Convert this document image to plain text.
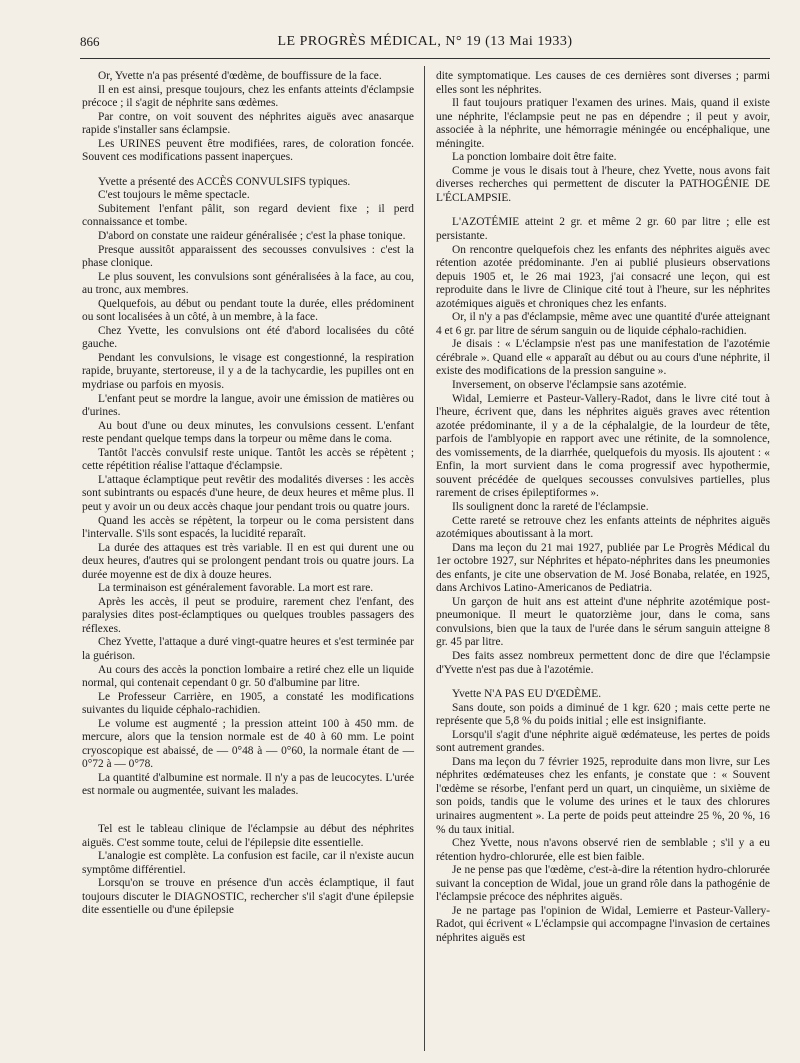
866	LE PROGRÈS MÉDICAL, N° 19 (13 Mai 1933)

Or, Yvette n'a pas présenté d'œdème, de bouffissure de la face.

Il en est ainsi, presque toujours, chez les enfants atteints d'éclampsie précoce ; il s'agit de néphrite sans œdèmes.

Par contre, on voit souvent des néphrites aiguës avec anasarque rapide s'installer sans éclampsie.

Les URINES peuvent être modifiées, rares, de coloration foncée. Souvent ces modifications passent inaperçues.

Yvette a présenté des ACCÈS CONVULSIFS typiques.

C'est toujours le même spectacle.

Subitement l'enfant pâlit, son regard devient fixe ; il perd connaissance et tombe.

D'abord on constate une raideur généralisée ; c'est la phase tonique.

Presque aussitôt apparaissent des secousses convulsives : c'est la phase clonique.

Le plus souvent, les convulsions sont généralisées à la face, au cou, au tronc, aux membres.

Quelquefois, au début ou pendant toute la durée, elles prédominent ou sont localisées à un côté, à un membre, à la face.

Chez Yvette, les convulsions ont été d'abord localisées du côté gauche.

Pendant les convulsions, le visage est congestionné, la respiration rapide, bruyante, stertoreuse, il y a de la tachycardie, les pupilles ont en mydriase ou parfois en myosis.

L'enfant peut se mordre la langue, avoir une émission de matières ou d'urines.

Au bout d'une ou deux minutes, les convulsions cessent. L'enfant reste pendant quelque temps dans la torpeur ou même dans le coma.

Tantôt l'accès convulsif reste unique. Tantôt les accès se répètent ; cette répétition réalise l'attaque d'éclampsie.

L'attaque éclamptique peut revêtir des modalités diverses : les accès sont subintrants ou espacés d'une heure, de deux heures et même plus. Il peut y avoir un ou deux accès chaque jour pendant trois ou quatre jours.

Quand les accès se répètent, la torpeur ou le coma persistent dans l'intervalle. S'ils sont espacés, la lucidité reparaît.

La durée des attaques est très variable. Il en est qui durent une ou deux heures, d'autres qui se prolongent pendant trois ou quatre jours. La durée moyenne est de dix à douze heures.

La terminaison est généralement favorable. La mort est rare.

Après les accès, il peut se produire, rarement chez l'enfant, des paralysies dites post-éclamptiques ou quelques troubles passagers des réflexes.

Chez Yvette, l'attaque a duré vingt-quatre heures et s'est terminée par la guérison.

Au cours des accès la ponction lombaire a retiré chez elle un liquide normal, qui contenait cependant 0 gr. 50 d'albumine par litre.

Le Professeur Carrière, en 1905, a constaté les modifications suivantes du liquide céphalo-rachidien.

Le volume est augmenté ; la pression atteint 100 à 450 mm. de mercure, alors que la tension normale est de 40 à 60 mm. Le point cryoscopique est abaissé, de — 0°48 à — 0°60, la normale étant de — 0°72 à — 0°78.

La quantité d'albumine est normale. Il n'y a pas de leucocytes. L'urée est normale ou augmentée, suivant les malades.

Tel est le tableau clinique de l'éclampsie au début des néphrites aiguës. C'est somme toute, celui de l'épilepsie dite essentielle.

L'analogie est complète. La confusion est facile, car il n'existe aucun symptôme différentiel.

Lorsqu'on se trouve en présence d'un accès éclamptique, il faut toujours discuter le DIAGNOSTIC, rechercher s'il s'agit d'une épilepsie dite essentielle ou d'une épilepsie

dite symptomatique. Les causes de ces dernières sont diverses ; parmi elles sont les néphrites.

Il faut toujours pratiquer l'examen des urines. Mais, quand il existe une néphrite, l'éclampsie peut ne pas en dépendre ; il peut y avoir, associée à la néphrite, une hémorragie méningée ou encéphalique, une méningite.

La ponction lombaire doit être faite.

Comme je vous le disais tout à l'heure, chez Yvette, nous avons fait diverses recherches qui permettent de discuter la PATHOGÉNIE DE L'ÉCLAMPSIE.

L'AZOTÉMIE atteint 2 gr. et même 2 gr. 60 par litre ; elle est persistante.

On rencontre quelquefois chez les enfants des néphrites aiguës avec rétention azotée prédominante. J'en ai publié plusieurs observations depuis 1905 et, le 26 mai 1923, j'ai consacré une leçon, qui est reproduite dans le livre de Clinique cité tout à l'heure, sur les néphrites azotémiques aiguës et chroniques chez les enfants.

Or, il n'y a pas d'éclampsie, même avec une quantité d'urée atteignant 4 et 6 gr. par litre de sérum sanguin ou de liquide céphalo-rachidien.

Je disais : « L'éclampsie n'est pas une manifestation de l'azotémie cérébrale ». Quand elle « apparaît au début ou au cours d'une néphrite, il existe des modifications de la pression sanguine ».

Inversement, on observe l'éclampsie sans azotémie.

Widal, Lemierre et Pasteur-Vallery-Radot, dans le livre cité tout à l'heure, écrivent que, dans les néphrites aiguës graves avec rétention azotée prédominante, il y a de la céphalalgie, de la lourdeur de tête, parfois de l'amblyopie en rapport avec une rétinite, de la somnolence, des vomissements, de la diarrhée, quelquefois du myosis. Ils ajoutent : « Enfin, la mort survient dans le coma progressif avec hypothermie, souvent précédée de quelques secousses convulsives partielles, plus rarement de crises épileptiformes ».

Ils soulignent donc la rareté de l'éclampsie.

Cette rareté se retrouve chez les enfants atteints de néphrites aiguës azotémiques aboutissant à la mort.

Dans ma leçon du 21 mai 1927, publiée par Le Progrès Médical du 1er octobre 1927, sur Néphrites et hépato-néphrites dans les pneumonies des enfants, je cite une observation de M. José Bonaba, relatée, en 1925, dans Archivos Latino-Americanos de Pediatria.

Un garçon de huit ans est atteint d'une néphrite azotémique post-pneumonique. Il meurt le quatorzième jour, dans le coma, sans convulsions, bien que la taux de l'urée dans le sérum sanguin atteigne 8 gr. 45 par litre.

Des faits assez nombreux permettent donc de dire que l'éclampsie d'Yvette n'est pas due à l'azotémie.

Yvette N'A PAS EU D'ŒDÈME.

Sans doute, son poids a diminué de 1 kgr. 620 ; mais cette perte ne représente que 5,8 % du poids initial ; elle est insignifiante.

Lorsqu'il s'agit d'une néphrite aiguë œdémateuse, les pertes de poids sont autrement grandes.

Dans ma leçon du 7 février 1925, reproduite dans mon livre, sur Les néphrites œdémateuses chez les enfants, je constate que : « Souvent l'œdème se résorbe, l'enfant perd un quart, un cinquième, un sixième de son poids, tandis que le volume des urines et le taux des chlorures urinaires augmentent ». La perte de poids peut atteindre 25 %, 20 %, 16 % du taux initial.

Chez Yvette, nous n'avons observé rien de semblable ; s'il y a eu rétention hydro-chlorurée, elle est bien faible.

Je ne pense pas que l'œdème, c'est-à-dire la rétention hydro-chlorurée suivant la conception de Widal, joue un grand rôle dans la pathogénie de l'éclampsie précoce des néphrites aiguës.

Je ne partage pas l'opinion de Widal, Lemierre et Pasteur-Vallery-Radot, qui écrivent « L'éclampsie qui accompagne l'invasion de certaines néphrites aiguës est
